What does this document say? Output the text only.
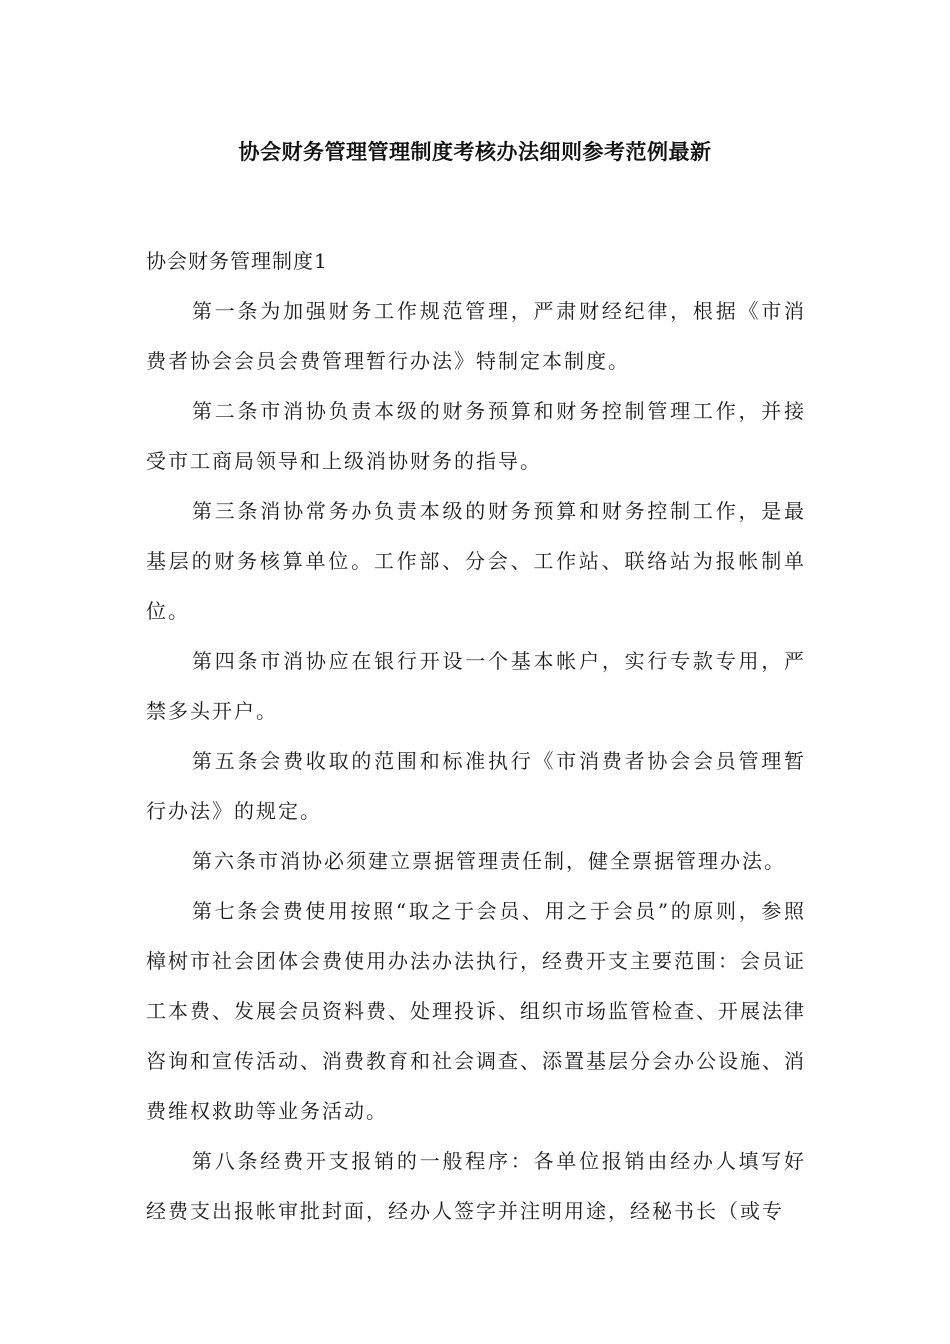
协会财务管理管理制度考核办法细则参考范例最新

协会财务管理制度1

第一条为加强财务工作规范管理，严肃财经纪律，根据《市消费者协会会员会费管理暂行办法》特制定本制度。

第二条市消协负责本级的财务预算和财务控制管理工作，并接受市工商局领导和上级消协财务的指导。

第三条消协常务办负责本级的财务预算和财务控制工作，是最基层的财务核算单位。工作部、分会、工作站、联络站为报帐制单位。

第四条市消协应在银行开设一个基本帐户，实行专款专用，严禁多头开户。

第五条会费收取的范围和标准执行《市消费者协会会员管理暂行办法》的规定。

第六条市消协必须建立票据管理责任制，健全票据管理办法。

第七条会费使用按照“取之于会员、用之于会员”的原则，参照樟树市社会团体会费使用办法办法执行，经费开支主要范围：会员证工本费、发展会员资料费、处理投诉、组织市场监管检查、开展法律咨询和宣传活动、消费教育和社会调查、添置基层分会办公设施、消费维权救助等业务活动。

第八条经费开支报销的一般程序：各单位报销由经办人填写好经费支出报帐审批封面，经办人签字并注明用途，经秘书长（或专
